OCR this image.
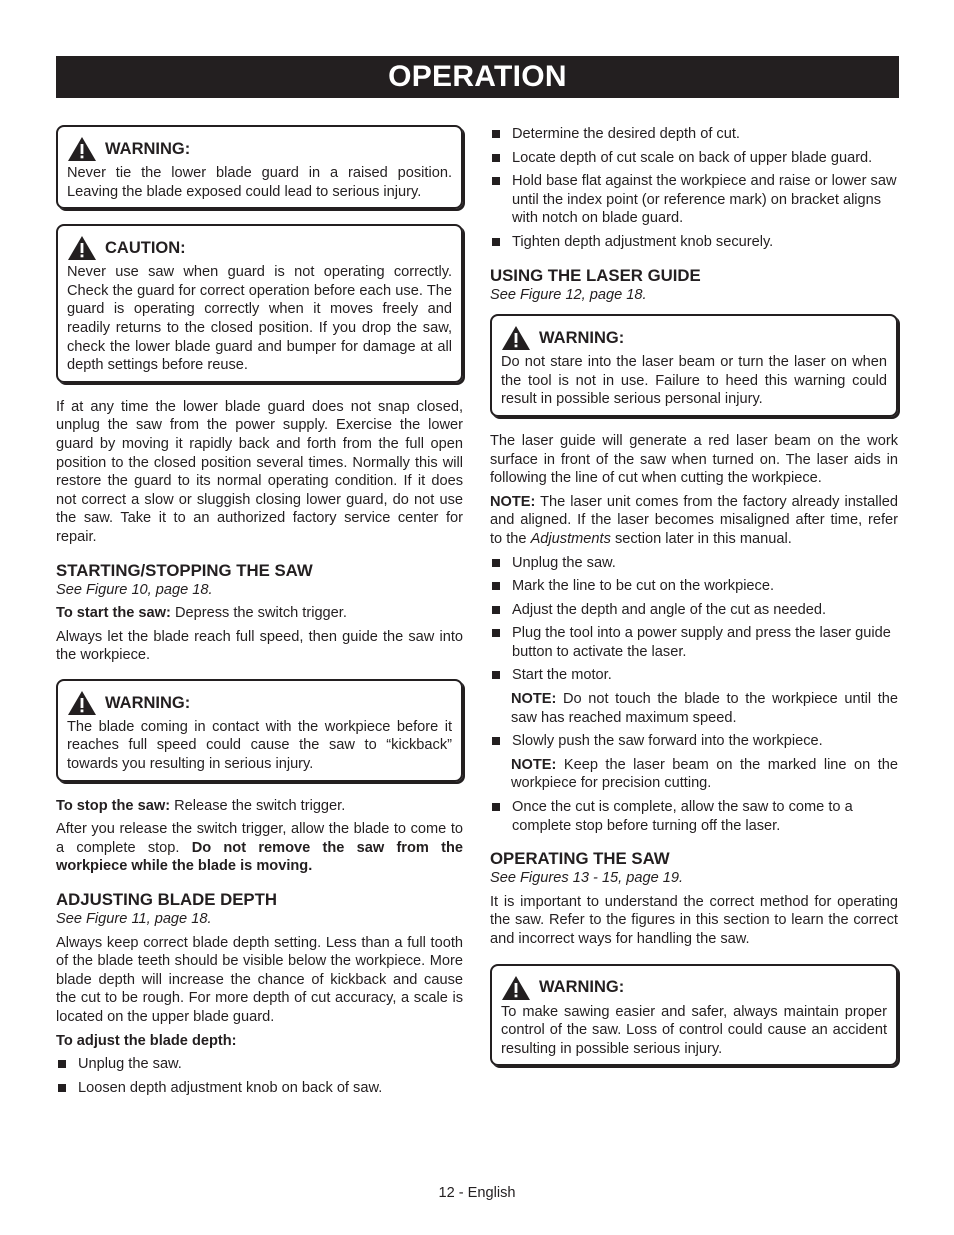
OPERATION
WARNING:
Never tie the lower blade guard in a raised position. Leaving the blade exposed could lead to serious injury.
CAUTION:
Never use saw when guard is not operating correctly. Check the guard for correct operation before each use. The guard is operating correctly when it moves freely and readily returns to the closed position. If you drop the saw, check the lower blade guard and bumper for damage at all depth settings before reuse.

If at any time the lower blade guard does not snap closed, unplug the saw from the power supply. Exercise the lower guard by moving it rapidly back and forth from the full open position to the closed position several times. Normally this will restore the guard to its normal operating condition. If it does not correct a slow or sluggish closing lower guard, do not use the saw. Take it to an authorized factory service center for repair.

STARTING/STOPPING THE SAW
See Figure 10, page 18.

To start the saw: Depress the switch trigger.

Always let the blade reach full speed, then guide the saw into the workpiece.

WARNING:
The blade coming in contact with the workpiece before it reaches full speed could cause the saw to “kickback” towards you resulting in serious injury.

To stop the saw: Release the switch trigger.

After you release the switch trigger, allow the blade to come to a complete stop. Do not remove the saw from the workpiece while the blade is moving.

ADJUSTING BLADE DEPTH
See Figure 11, page 18.

Always keep correct blade depth setting. Less than a full tooth of the blade teeth should be visible below the workpiece. More blade depth will increase the chance of kickback and cause the cut to be rough. For more depth of cut accuracy, a scale is located on the upper blade guard.

To adjust the blade depth:

Unplug the saw.
Loosen depth adjustment knob on back of saw.
Determine the desired depth of cut.
Locate depth of cut scale on back of upper blade guard.
Hold base flat against the workpiece and raise or lower saw until the index point (or reference mark) on bracket aligns with notch on blade guard.
Tighten depth adjustment knob securely.
USING THE LASER GUIDE
See Figure 12, page 18.
WARNING:
Do not stare into the laser beam or turn the laser on when the tool is not in use. Failure to heed this warning could result in possible serious personal injury.

The laser guide will generate a red laser beam on the work surface in front of the saw when turned on. The laser aids in following the line of cut when cutting the workpiece.

NOTE: The laser unit comes from the factory already installed and aligned. If the laser becomes misaligned after time, refer to the Adjustments section later in this manual.

Unplug the saw.
Mark the line to be cut on the workpiece.
Adjust the depth and angle of the cut as needed.
Plug the tool into a power supply and press the laser guide button to activate the laser.
Start the motor.

NOTE: Do not touch the blade to the workpiece until the saw has reached maximum speed.

Slowly push the saw forward into the workpiece.

NOTE: Keep the laser beam on the marked line on the workpiece for precision cutting.

Once the cut is complete, allow the saw to come to a complete stop before turning off the laser.
OPERATING THE SAW
See Figures 13 - 15, page 19.

It is important to understand the correct method for operating the saw. Refer to the figures in this section to learn the correct and incorrect ways for handling the saw.

WARNING:
To make sawing easier and safer, always maintain proper control of the saw. Loss of control could cause an accident resulting in possible serious injury.
12 - English
